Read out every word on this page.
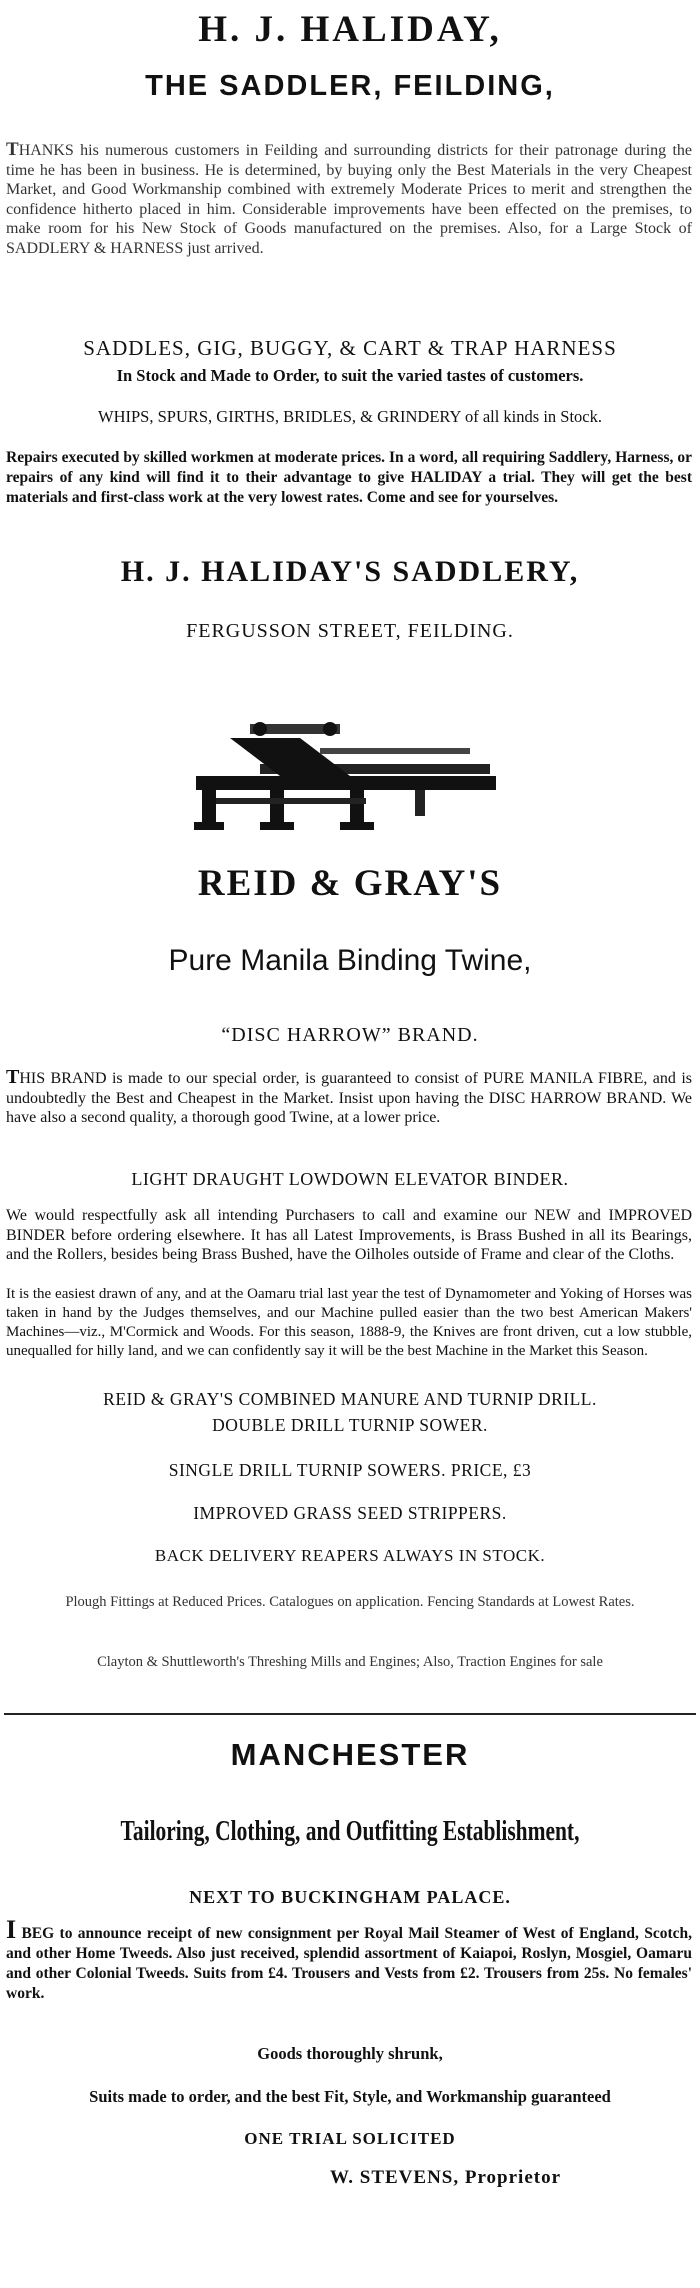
H. J. HALIDAY,
THE SADDLER, FEILDING,
THANKS his numerous customers in Feilding and surrounding districts for their patronage during the time he has been in business. He is determined, by buying only the Best Materials in the very Cheapest Market, and Good Workmanship combined with extremely Moderate Prices to merit and strengthen the confidence hitherto placed in him. Considerable improvements have been effected on the premises, to make room for his New Stock of Goods manufactured on the premises. Also, for a Large Stock of SADDLERY & HARNESS just arrived.
SADDLES, GIG, BUGGY, & CART & TRAP HARNESS
In Stock and Made to Order, to suit the varied tastes of customers.
WHIPS, SPURS, GIRTHS, BRIDLES, & GRINDERY of all kinds in Stock.
Repairs executed by skilled workmen at moderate prices. In a word, all requiring Saddlery, Harness, or repairs of any kind will find it to their advantage to give HALIDAY a trial. They will get the best materials and first-class work at the very lowest rates. Come and see for yourselves.
H. J. HALIDAY'S SADDLERY,
FERGUSSON STREET, FEILDING.
REID & GRAY'S
Pure Manila Binding Twine,
“DISC HARROW” BRAND.
THIS BRAND is made to our special order, is guaranteed to consist of PURE MANILA FIBRE, and is undoubtedly the Best and Cheapest in the Market. Insist upon having the DISC HARROW BRAND. We have also a second quality, a thorough good Twine, at a lower price.
LIGHT DRAUGHT LOWDOWN ELEVATOR BINDER.
We would respectfully ask all intending Purchasers to call and examine our NEW and IMPROVED BINDER before ordering elsewhere. It has all Latest Improvements, is Brass Bushed in all its Bearings, and the Rollers, besides being Brass Bushed, have the Oilholes outside of Frame and clear of the Cloths.
It is the easiest drawn of any, and at the Oamaru trial last year the test of Dynamometer and Yoking of Horses was taken in hand by the Judges themselves, and our Machine pulled easier than the two best American Makers' Machines—viz., M'Cormick and Woods. For this season, 1888-9, the Knives are front driven, cut a low stubble, unequalled for hilly land, and we can confidently say it will be the best Machine in the Market this Season.
REID & GRAY'S COMBINED MANURE AND TURNIP DRILL.
DOUBLE DRILL TURNIP SOWER.
SINGLE DRILL TURNIP SOWERS. PRICE, £3
IMPROVED GRASS SEED STRIPPERS.
BACK DELIVERY REAPERS ALWAYS IN STOCK.
Plough Fittings at Reduced Prices. Catalogues on application. Fencing Standards at Lowest Rates.
Clayton & Shuttleworth's Threshing Mills and Engines; Also, Traction Engines for sale
MANCHESTER
Tailoring, Clothing, and Outfitting Establishment,
NEXT TO BUCKINGHAM PALACE.
I BEG to announce receipt of new consignment per Royal Mail Steamer of West of England, Scotch, and other Home Tweeds. Also just received, splendid assortment of Kaiapoi, Roslyn, Mosgiel, Oamaru and other Colonial Tweeds. Suits from £4. Trousers and Vests from £2. Trousers from 25s. No females' work.
Goods thoroughly shrunk,
Suits made to order, and the best Fit, Style, and Workmanship guaranteed
ONE TRIAL SOLICITED
W. STEVENS, Proprietor
